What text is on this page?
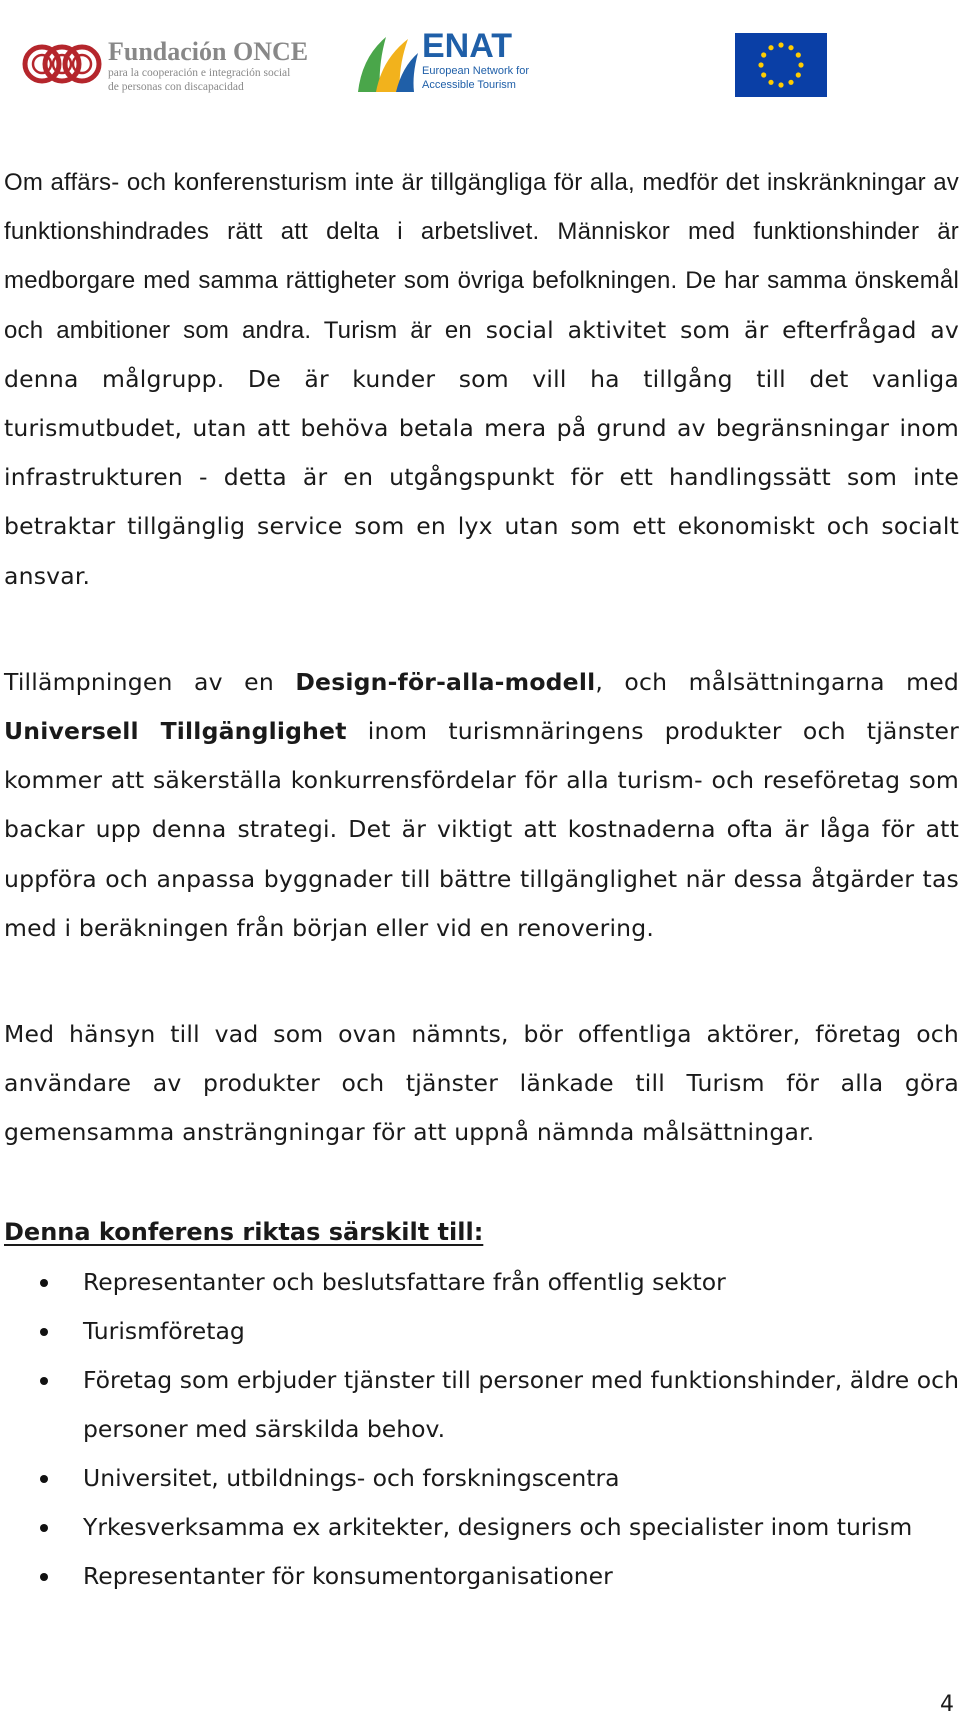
Fundación ONCE
para la cooperación e integración social
de personas con discapacidad
ENAT
European Network for
Accessible Tourism

Om affärs- och konferensturism inte är tillgängliga för alla, medför det inskränkningar av funktionshindrades rätt att delta i arbetslivet. Människor med funktionshinder är medborgare med samma rättigheter som övriga befolkningen. De har samma önskemål och ambitioner som andra. Turism är en social aktivitet som är efterfrågad av denna målgrupp. De är kunder som vill ha tillgång till det vanliga turismutbudet, utan att behöva betala mera på grund av begränsningar inom infrastrukturen - detta är en utgångspunkt för ett handlingssätt som inte betraktar tillgänglig service som en lyx utan som ett ekonomiskt och socialt ansvar.

Tillämpningen av en Design-för-alla-modell, och målsättningarna med Universell Tillgänglighet inom turismnäringens produkter och tjänster kommer att säkerställa konkurrensfördelar för alla turism- och reseföretag som backar upp denna strategi. Det är viktigt att kostnaderna ofta är låga för att uppföra och anpassa byggnader till bättre tillgänglighet när dessa åtgärder tas med i beräkningen från början eller vid en renovering.

Med hänsyn till vad som ovan nämnts, bör offentliga aktörer, företag och användare av produkter och tjänster länkade till Turism för alla göra gemensamma ansträngningar för att uppnå nämnda målsättningar.

Denna konferens riktas särskilt till:
Representanter och beslutsfattare från offentlig sektor
Turismföretag
Företag som erbjuder tjänster till personer med funktionshinder, äldre och personer med särskilda behov.
Universitet, utbildnings- och forskningscentra
Yrkesverksamma ex arkitekter, designers och specialister inom turism
Representanter för konsumentorganisationer
4
